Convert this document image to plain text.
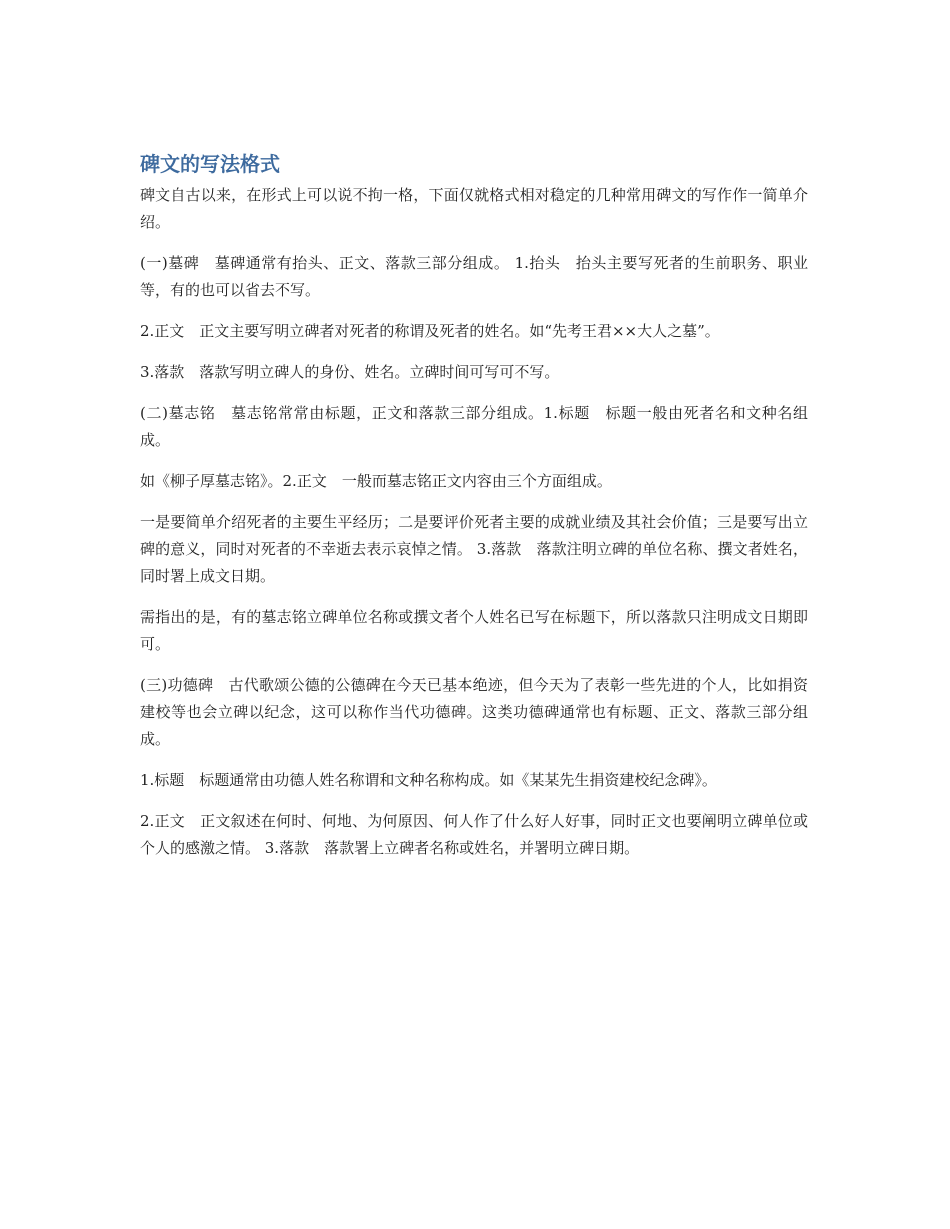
碑文的写法格式

碑文自古以来，在形式上可以说不拘一格，下面仅就格式相对稳定的几种常用碑文的写作作一简单介绍。

(一)墓碑　墓碑通常有抬头、正文、落款三部分组成。 1.抬头　抬头主要写死者的生前职务、职业等，有的也可以省去不写。

2.正文　正文主要写明立碑者对死者的称谓及死者的姓名。如“先考王君××大人之墓”。

3.落款　落款写明立碑人的身份、姓名。立碑时间可写可不写。

(二)墓志铭　墓志铭常常由标题，正文和落款三部分组成。1.标题　标题一般由死者名和文种名组成。

如《柳子厚墓志铭》。2.正文　一般而墓志铭正文内容由三个方面组成。

一是要简单介绍死者的主要生平经历；二是要评价死者主要的成就业绩及其社会价值；三是要写出立碑的意义，同时对死者的不幸逝去表示哀悼之情。 3.落款　落款注明立碑的单位名称、撰文者姓名，同时署上成文日期。

需指出的是，有的墓志铭立碑单位名称或撰文者个人姓名已写在标题下，所以落款只注明成文日期即可。

(三)功德碑　古代歌颂公德的公德碑在今天已基本绝迹，但今天为了表彰一些先进的个人，比如捐资建校等也会立碑以纪念，这可以称作当代功德碑。这类功德碑通常也有标题、正文、落款三部分组成。

1.标题　标题通常由功德人姓名称谓和文种名称构成。如《某某先生捐资建校纪念碑》。

2.正文　正文叙述在何时、何地、为何原因、何人作了什么好人好事，同时正文也要阐明立碑单位或个人的感激之情。 3.落款　落款署上立碑者名称或姓名，并署明立碑日期。
